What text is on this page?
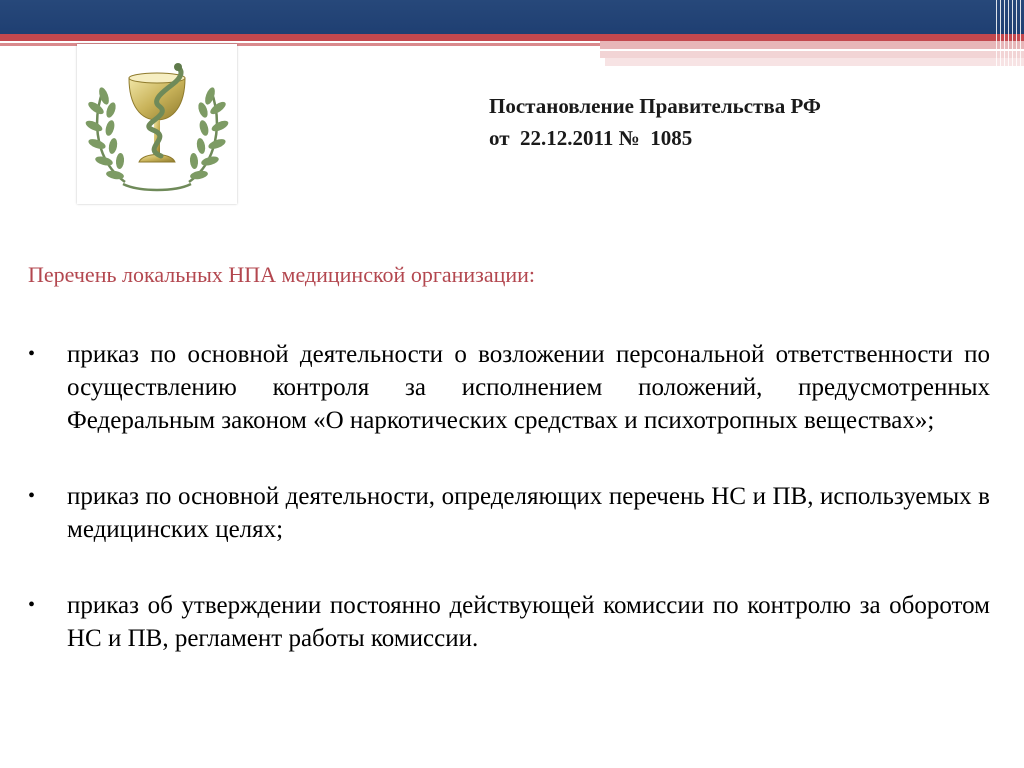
Постановление Правительства РФ
от  22.12.2011 №  1085
Перечень локальных НПА медицинской организации:
• приказ по основной деятельности о возложении персональной ответственности по осуществлению контроля за исполнением положений, предусмотренных Федеральным законом «О наркотических средствах и психотропных веществах»;
• приказ по основной деятельности, определяющих перечень НС и ПВ, используемых в медицинских целях;
• приказ об утверждении постоянно действующей комиссии по контролю за оборотом НС и ПВ, регламент работы комиссии.
